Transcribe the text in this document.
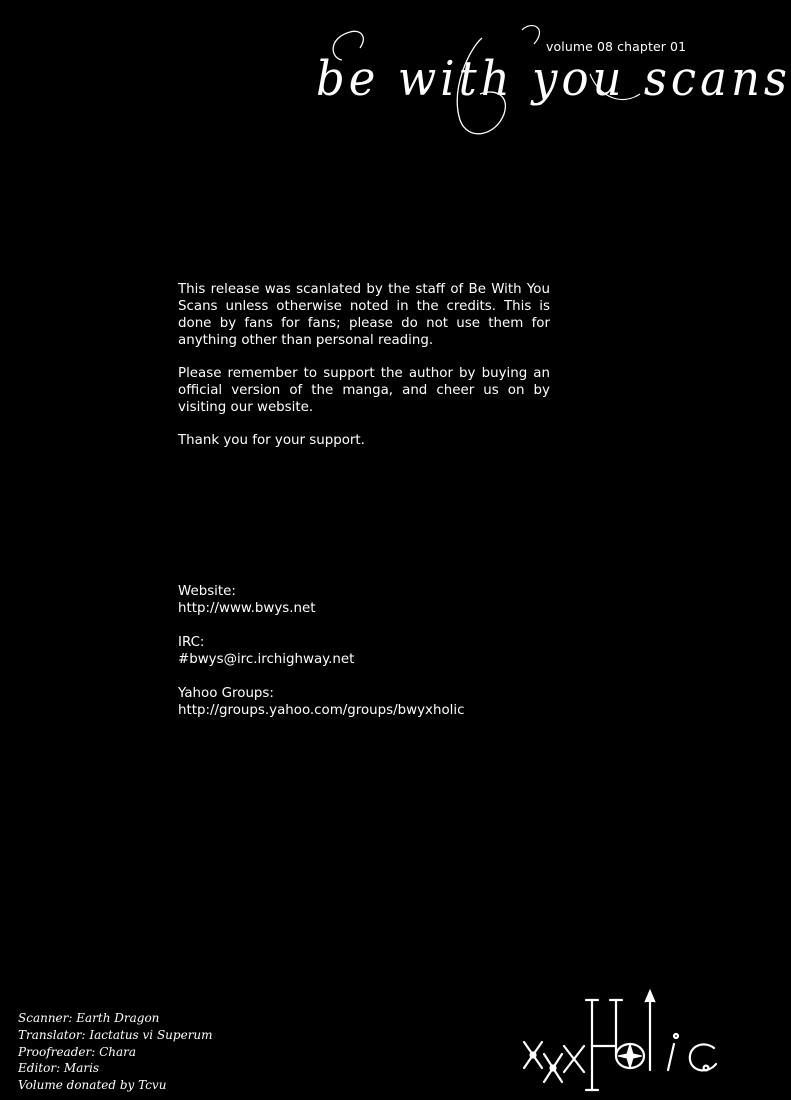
be with you scans
volume 08 chapter 01

This release was scanlated by the staff of Be With You Scans unless otherwise noted in the credits. This is done by fans for fans; please do not use them for anything other than personal reading.

Please remember to support the author by buying an official version of the manga, and cheer us on by visiting our website.

Thank you for your support.

Website:
http://www.bwys.net
IRC:
#bwys@irc.irchighway.net
Yahoo Groups:
http://groups.yahoo.com/groups/bwyxholic
Scanner: Earth Dragon
Translator: Iactatus vi Superum
Proofreader: Chara
Editor: Maris
Volume donated by Tcvu
